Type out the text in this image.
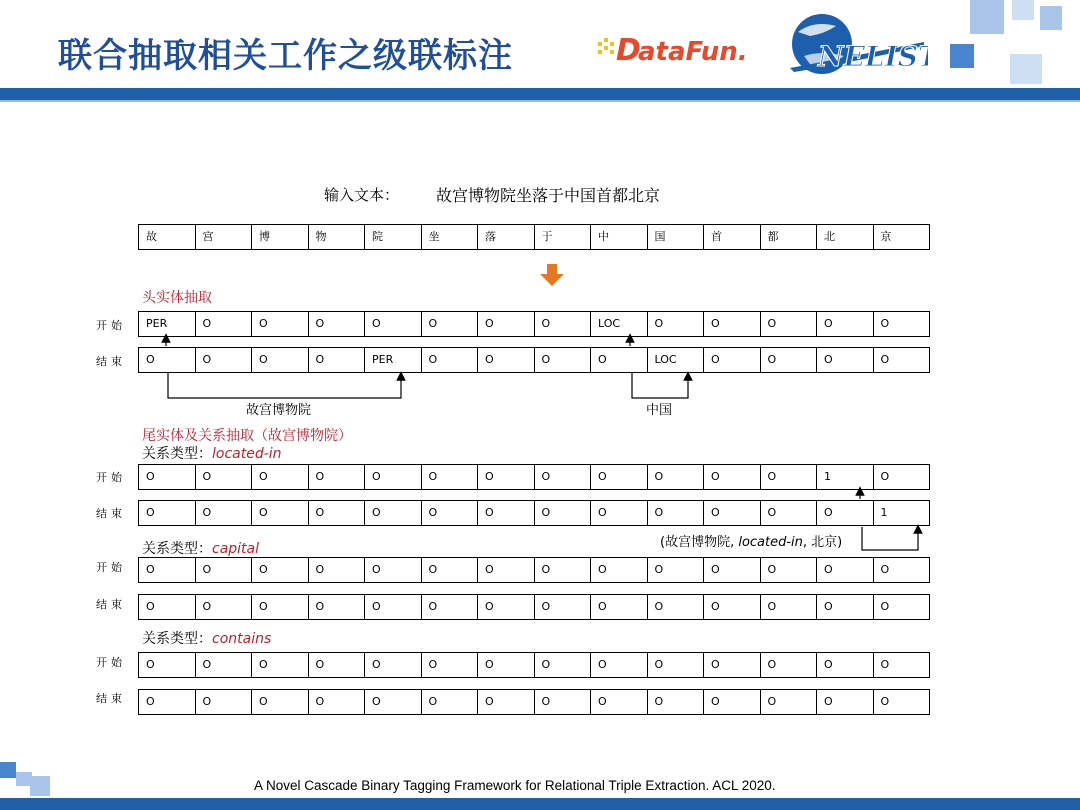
联合抽取相关工作之级联标注	D
ataFun.	NELIST
输入文本： 故宫博物院坐落于中国首都北京
故	宫	博	物	院	坐	落	于	中	国	首	都	北	京
头实体抽取
开始	PER	O	O	O	O	O	O	O	LOC	O	O	O	O	O
结束	O	O	O	O	PER	O	O	O	O	LOC	O	O	O	O
故宫博物院	中国
尾实体及关系抽取（故宫博物院）
关系类型：located-in
开始	O	O	O	O	O	O	O	O	O	O	O	O	1	O
结束	O	O	O	O	O	O	O	O	O	O	O	O	O	1
(故宫博物院, located-in, 北京)
关系类型：capital
开始	O	O	O	O	O	O	O	O	O	O	O	O	O	O
结束	O	O	O	O	O	O	O	O	O	O	O	O	O	O
关系类型：contains
开始	O	O	O	O	O	O	O	O	O	O	O	O	O	O
结束	O	O	O	O	O	O	O	O	O	O	O	O	O	O
A Novel Cascade Binary Tagging Framework for Relational Triple Extraction. ACL 2020.
